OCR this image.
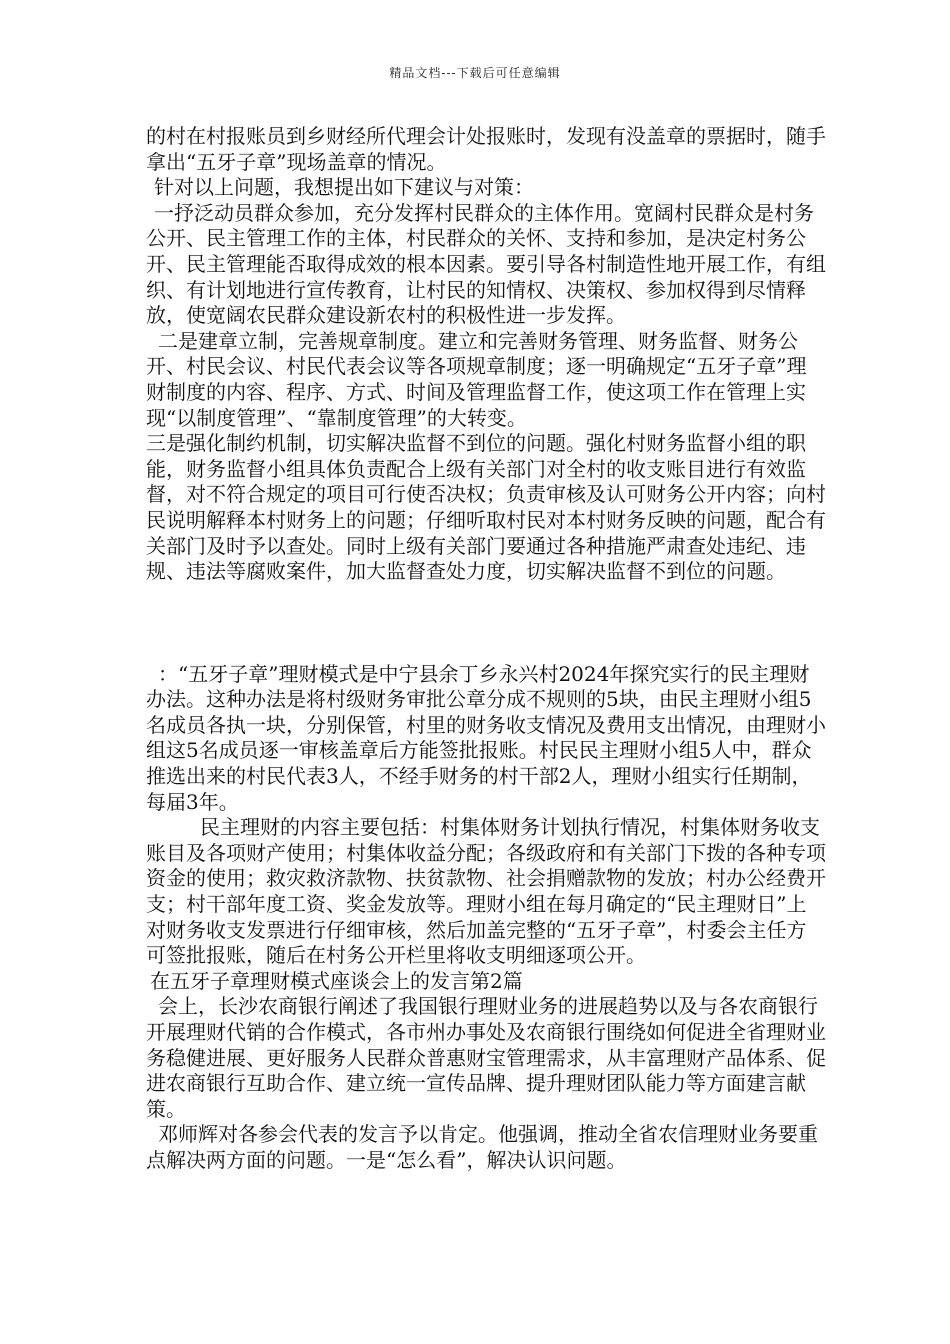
精品文档---下载后可任意编辑

的村在村报账员到乡财经所代理会计处报账时，发现有没盖章的票据时，随手拿出“五牙子章”现场盖章的情况。

针对以上问题，我想提出如下建议与对策：

一抒泛动员群众参加，充分发挥村民群众的主体作用。宽阔村民群众是村务公开、民主管理工作的主体，村民群众的关怀、支持和参加，是决定村务公开、民主管理能否取得成效的根本因素。要引导各村制造性地开展工作，有组织、有计划地进行宣传教育，让村民的知情权、决策权、参加权得到尽情释放，使宽阔农民群众建设新农村的积极性进一步发挥。

二是建章立制，完善规章制度。建立和完善财务管理、财务监督、财务公开、村民会议、村民代表会议等各项规章制度；逐一明确规定“五牙子章”理财制度的内容、程序、方式、时间及管理监督工作，使这项工作在管理上实现“以制度管理”、“靠制度管理”的大转变。

三是强化制约机制，切实解决监督不到位的问题。强化村财务监督小组的职能，财务监督小组具体负责配合上级有关部门对全村的收支账目进行有效监督，对不符合规定的项目可行使否决权；负责审核及认可财务公开内容；向村民说明解释本村财务上的问题；仔细听取村民对本村财务反映的问题，配合有关部门及时予以查处。同时上级有关部门要通过各种措施严肃查处违纪、违规、违法等腐败案件，加大监督查处力度，切实解决监督不到位的问题。

：“五牙子章”理财模式是中宁县余丁乡永兴村2024年探究实行的民主理财办法。这种办法是将村级财务审批公章分成不规则的5块，由民主理财小组5名成员各执一块，分别保管，村里的财务收支情况及费用支出情况，由理财小组这5名成员逐一审核盖章后方能签批报账。村民民主理财小组5人中，群众推选出来的村民代表3人，不经手财务的村干部2人，理财小组实行任期制，每届3年。

民主理财的内容主要包括：村集体财务计划执行情况，村集体财务收支账目及各项财产使用；村集体收益分配；各级政府和有关部门下拨的各种专项资金的使用；救灾救济款物、扶贫款物、社会捐赠款物的发放；村办公经费开支；村干部年度工资、奖金发放等。理财小组在每月确定的“民主理财日”上对财务收支发票进行仔细审核，然后加盖完整的“五牙子章”，村委会主任方可签批报账，随后在村务公开栏里将收支明细逐项公开。

在五牙子章理财模式座谈会上的发言第2篇

会上，长沙农商银行阐述了我国银行理财业务的进展趋势以及与各农商银行开展理财代销的合作模式，各市州办事处及农商银行围绕如何促进全省理财业务稳健进展、更好服务人民群众普惠财宝管理需求，从丰富理财产品体系、促进农商银行互助合作、建立统一宣传品牌、提升理财团队能力等方面建言献策。

邓师辉对各参会代表的发言予以肯定。他强调，推动全省农信理财业务要重点解决两方面的问题。一是“怎么看”，解决认识问题。
